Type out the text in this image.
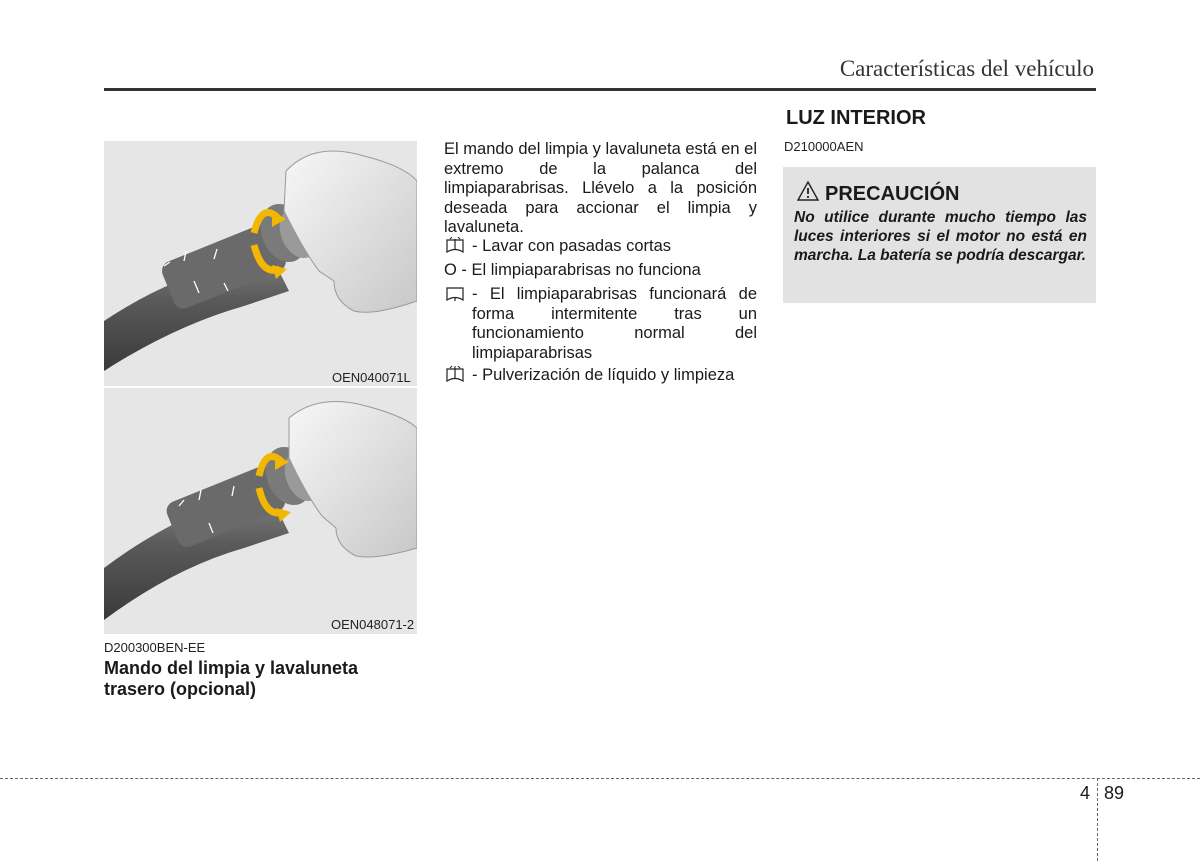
Características del vehículo
OEN040071L
OEN048071-2
D200300BEN-EE
Mando del limpia y lavaluneta trasero (opcional)
El mando del limpia y lavaluneta está en el extremo de la palanca del limpiaparabrisas. Llévelo a la posición deseada para accionar el limpia y lavaluneta.
- Lavar con pasadas cortas
O - El limpiaparabrisas no funciona
- El limpiaparabrisas funcionará de forma intermitente tras un funcionamiento normal del limpiaparabrisas
- Pulverización de líquido y limpieza
LUZ INTERIOR
D210000AEN
PRECAUCIÓN
No utilice durante mucho tiempo las luces interiores si el motor no está en marcha. La batería se podría descargar.
4 89
